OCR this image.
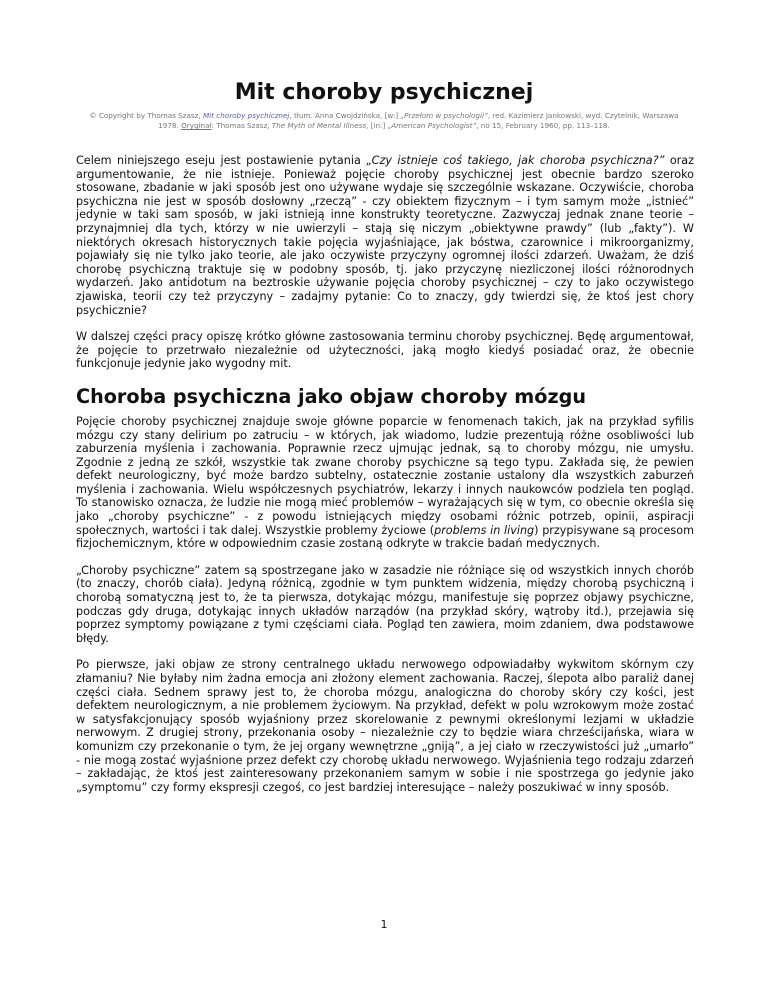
Mit choroby psychicznej
© Copyright by Thomas Szasz, Mit choroby psychicznej, tłum. Anna Cwojdzińska, [w:] „Przełom w psychologii”, red. Kazimierz Jankowski, wyd. Czytelnik, Warszawa 1978. Oryginał: Thomas Szasz, The Myth of Mental Illness, [in:] „American Psychologist”, no 15, February 1960, pp. 113–118.

Celem niniejszego eseju jest postawienie pytania „Czy istnieje coś takiego, jak choroba psychiczna?” oraz argumentowanie, że nie istnieje. Ponieważ pojęcie choroby psychicznej jest obecnie bardzo szeroko stosowane, zbadanie w jaki sposób jest ono używane wydaje się szczególnie wskazane. Oczywiście, choroba psychiczna nie jest w sposób dosłowny „rzeczą” - czy obiektem fizycznym – i tym samym może „istnieć” jedynie w taki sam sposób, w jaki istnieją inne konstrukty teoretyczne. Zazwyczaj jednak znane teorie – przynajmniej dla tych, którzy w nie uwierzyli – stają się niczym „obiektywne prawdy” (lub „fakty”). W niektórych okresach historycznych takie pojęcia wyjaśniające, jak bóstwa, czarownice i mikroorganizmy, pojawiały się nie tylko jako teorie, ale jako oczywiste przyczyny ogromnej ilości zdarzeń. Uważam, że dziś chorobę psychiczną traktuje się w podobny sposób, tj. jako przyczynę niezliczonej ilości różnorodnych wydarzeń. Jako antidotum na beztroskie używanie pojęcia choroby psychicznej – czy to jako oczywistego zjawiska, teorii czy też przyczyny – zadajmy pytanie: Co to znaczy, gdy twierdzi się, że ktoś jest chory psychicznie?

W dalszej części pracy opiszę krótko główne zastosowania terminu choroby psychicznej. Będę argumentował, że pojęcie to przetrwało niezależnie od użyteczności, jaką mogło kiedyś posiadać oraz, że obecnie funkcjonuje jedynie jako wygodny mit.

Choroba psychiczna jako objaw choroby mózgu

Pojęcie choroby psychicznej znajduje swoje główne poparcie w fenomenach takich, jak na przykład syfilis mózgu czy stany delirium po zatruciu – w których, jak wiadomo, ludzie prezentują różne osobliwości lub zaburzenia myślenia i zachowania. Poprawnie rzecz ujmując jednak, są to choroby mózgu, nie umysłu. Zgodnie z jedną ze szkół, wszystkie tak zwane choroby psychiczne są tego typu. Zakłada się, że pewien defekt neurologiczny, być może bardzo subtelny, ostatecznie zostanie ustalony dla wszystkich zaburzeń myślenia i zachowania. Wielu współczesnych psychiatrów, lekarzy i innych naukowców podziela ten pogląd. To stanowisko oznacza, że ludzie nie mogą mieć problemów – wyrażających się w tym, co obecnie określa się jako „choroby psychiczne” - z powodu istniejących między osobami różnic potrzeb, opinii, aspiracji społecznych, wartości i tak dalej. Wszystkie problemy życiowe (problems in living) przypisywane są procesom fizjochemicznym, które w odpowiednim czasie zostaną odkryte w trakcie badań medycznych.

„Choroby psychiczne” zatem są spostrzegane jako w zasadzie nie różniące się od wszystkich innych chorób (to znaczy, chorób ciała). Jedyną różnicą, zgodnie w tym punktem widzenia, między chorobą psychiczną i chorobą somatyczną jest to, że ta pierwsza, dotykając mózgu, manifestuje się poprzez objawy psychiczne, podczas gdy druga, dotykając innych układów narządów (na przykład skóry, wątroby itd.), przejawia się poprzez symptomy powiązane z tymi częściami ciała. Pogląd ten zawiera, moim zdaniem, dwa podstawowe błędy.

Po pierwsze, jaki objaw ze strony centralnego układu nerwowego odpowiadałby wykwitom skórnym czy złamaniu? Nie byłaby nim żadna emocja ani złożony element zachowania. Raczej, ślepota albo paraliż danej części ciała. Sednem sprawy jest to, że choroba mózgu, analogiczna do choroby skóry czy kości, jest defektem neurologicznym, a nie problemem życiowym. Na przykład, defekt w polu wzrokowym może zostać w satysfakcjonujący sposób wyjaśniony przez skorelowanie z pewnymi określonymi lezjami w układzie nerwowym. Z drugiej strony, przekonania osoby – niezależnie czy to będzie wiara chrześcijańska, wiara w komunizm czy przekonanie o tym, że jej organy wewnętrzne „gniją”, a jej ciało w rzeczywistości już „umarło” - nie mogą zostać wyjaśnione przez defekt czy chorobę układu nerwowego. Wyjaśnienia tego rodzaju zdarzeń – zakładając, że ktoś jest zainteresowany przekonaniem samym w sobie i nie spostrzega go jedynie jako „symptomu” czy formy ekspresji czegoś, co jest bardziej interesujące – należy poszukiwać w inny sposób.

1
